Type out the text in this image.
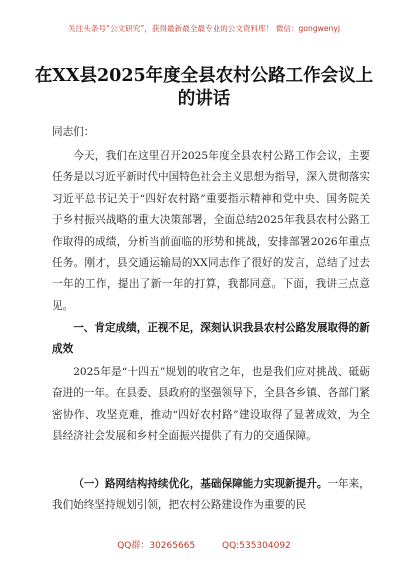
关注头条号“公文研究”，获得最新最全最专业的公文资料库！ 微信：gongwenyj
在XX县2025年度全县农村公路工作会议上的讲话
同志们：
今天，我们在这里召开2025年度全县农村公路工作会议，主要任务是以习近平新时代中国特色社会主义思想为指导，深入贯彻落实习近平总书记关于“四好农村路”重要指示精神和党中央、国务院关于乡村振兴战略的重大决策部署，全面总结2025年我县农村公路工作取得的成绩，分析当前面临的形势和挑战，安排部署2026年重点任务。刚才，县交通运输局的XX同志作了很好的发言，总结了过去一年的工作，提出了新一年的打算，我都同意。下面，我讲三点意见。
一、肯定成绩，正视不足，深刻认识我县农村公路发展取得的新成效
2025年是“十四五”规划的收官之年，也是我们应对挑战、砥砺奋进的一年。在县委、县政府的坚强领导下，全县各乡镇、各部门紧密协作、攻坚克难，推动“四好农村路”建设取得了显著成效，为全县经济社会发展和乡村全面振兴提供了有力的交通保障。
（一）路网结构持续优化，基础保障能力实现新提升。一年来，我们始终坚持规划引领，把农村公路建设作为重要的民
QQ群：30265665	QQ:535304092
